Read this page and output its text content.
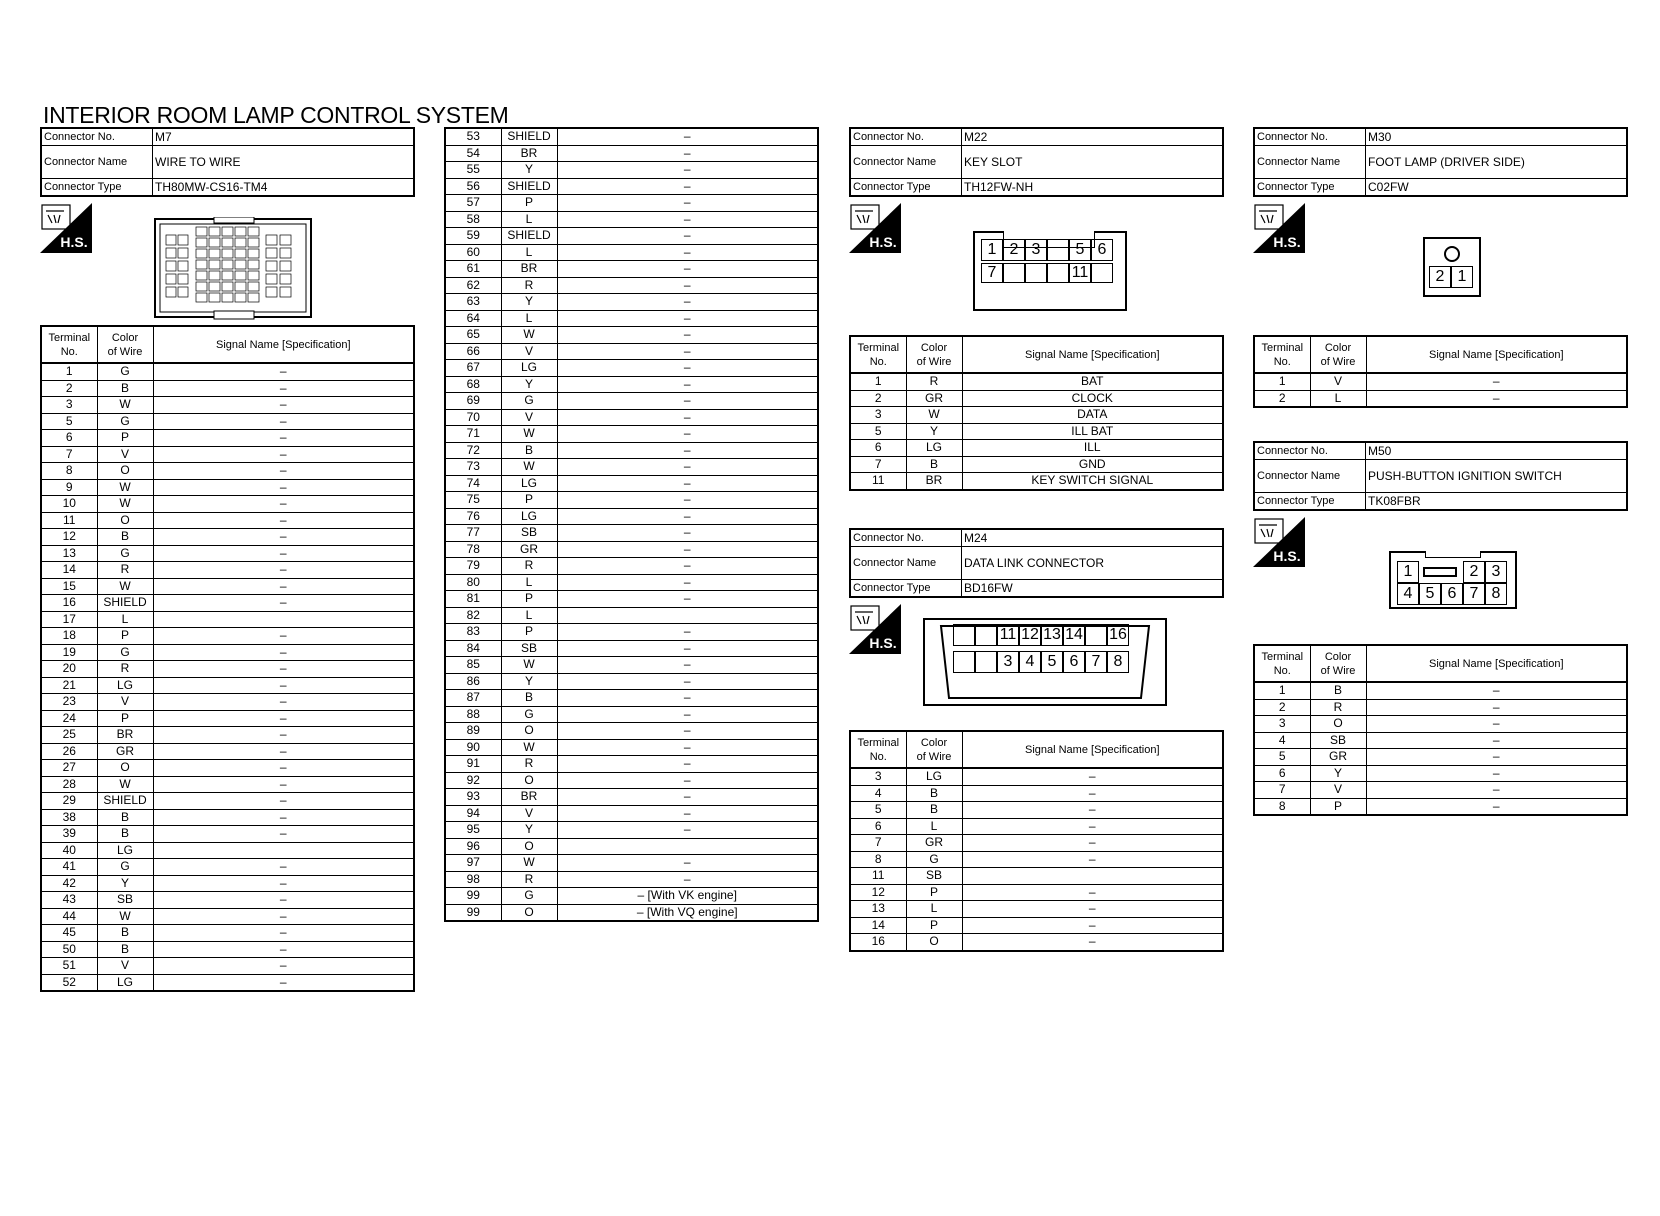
INTERIOR ROOM LAMP CONTROL SYSTEM
Connector No.	M7
Connector Name	WIRE TO WIRE
Connector Type	TH80MW-CS16-TM4
H.S.
Terminal
No.	Color
of Wire	Signal Name [Specification]
1	G	–
2	B	–
3	W	–
5	G	–
6	P	–
7	V	–
8	O	–
9	W	–
10	W	–
11	O	–
12	B	–
13	G	–
14	R	–
15	W	–
16	SHIELD	–
17	L	
18	P	–
19	G	–
20	R	–
21	LG	–
23	V	–
24	P	–
25	BR	–
26	GR	–
27	O	–
28	W	–
29	SHIELD	–
38	B	–
39	B	–
40	LG	
41	G	–
42	Y	–
43	SB	–
44	W	–
45	B	–
50	B	–
51	V	–
52	LG	–
53	SHIELD	–
54	BR	–
55	Y	–
56	SHIELD	–
57	P	–
58	L	–
59	SHIELD	–
60	L	–
61	BR	–
62	R	–
63	Y	–
64	L	–
65	W	–
66	V	–
67	LG	–
68	Y	–
69	G	–
70	V	–
71	W	–
72	B	–
73	W	–
74	LG	–
75	P	–
76	LG	–
77	SB	–
78	GR	–
79	R	–
80	L	–
81	P	–
82	L	
83	P	–
84	SB	–
85	W	–
86	Y	–
87	B	–
88	G	–
89	O	–
90	W	–
91	R	–
92	O	–
93	BR	–
94	V	–
95	Y	–
96	O	
97	W	–
98	R	–
99	G	– [With VK engine]
99	O	– [With VQ engine]
Connector No.	M22
Connector Name	KEY SLOT
Connector Type	TH12FW-NH
H.S.	1 2 3	5 6
7	11
Terminal
No.	Color
of Wire	Signal Name [Specification]
1	R	BAT
2	GR	CLOCK
3	W	DATA
5	Y	ILL BAT
6	LG	ILL
7	B	GND
11	BR	KEY SWITCH SIGNAL
Connector No.	M24
Connector Name	DATA LINK CONNECTOR
Connector Type	BD16FW
H.S.	11 12 13 14 16
3 4 5 6 7 8
Terminal
No.	Color
of Wire	Signal Name [Specification]
3	LG	–
4	B	–
5	B	–
6	L	–
7	GR	–
8	G	–
11	SB	
12	P	–
13	L	–
14	P	–
16	O	–
Connector No.	M30
Connector Name	FOOT LAMP (DRIVER SIDE)
Connector Type	C02FW
H.S.
2 1
Terminal
No.	Color
of Wire	Signal Name [Specification]
1	V	–
2	L	–
Connector No.	M50
Connector Name	PUSH-BUTTON IGNITION SWITCH
Connector Type	TK08FBR
H.S.
1	2 3
4 5 6 7 8
Terminal
No.	Color
of Wire	Signal Name [Specification]
1	B	–
2	R	–
3	O	–
4	SB	–
5	GR	–
6	Y	–
7	V	–
8	P	–
